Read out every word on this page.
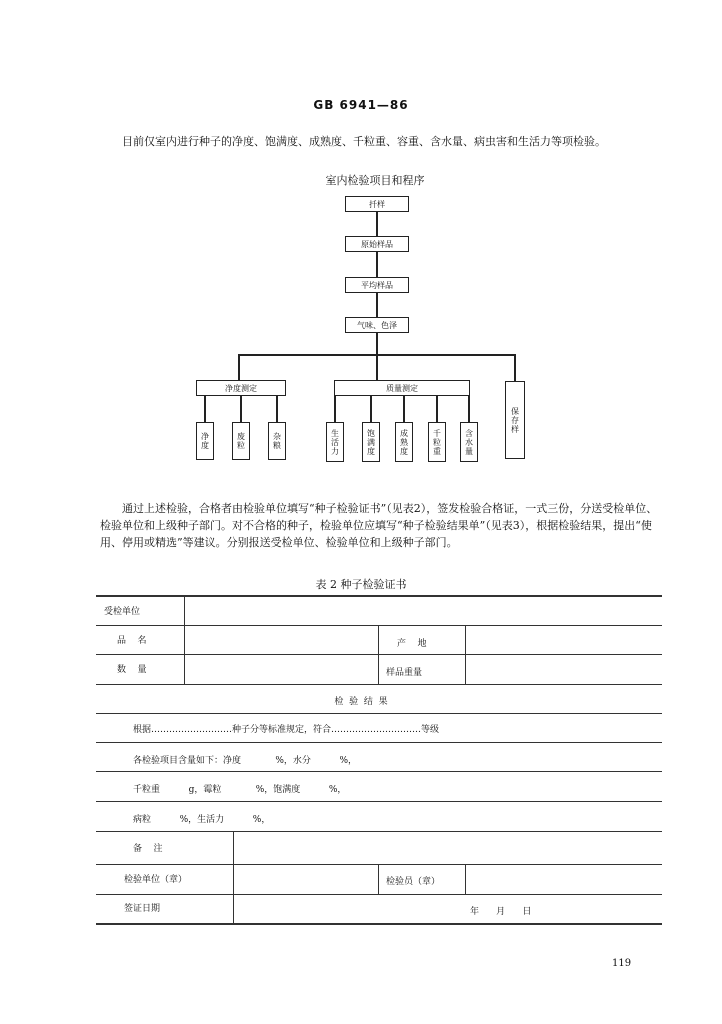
GB 6941—86
目前仅室内进行种子的净度、饱满度、成熟度、千粒重、容重、含水量、病虫害和生活力等项检验。
室内检验项目和程序
扦样
原始样品
平均样品
气味、色泽
净度测定	质量测定
保存样
净度	废粒	杂粮	生活力	饱满度	成熟度	千粒重	含水量
通过上述检验，合格者由检验单位填写“种子检验证书”（见表2），签发检验合格证，一式三份，分送受检单位、检验单位和上级种子部门。对不合格的种子，检验单位应填写“种子检验结果单”（见表3），根据检验结果，提出“使用、停用或精选”等建议。分别报送受检单位、检验单位和上级种子部门。
表 2 种子检验证书
受检单位
品    名	产    地
数    量	样品重量
检  验  结  果
根据………………………种子分等标准规定，符合…………………………等级
各检验项目含量如下：净度            %，水分          %，
千粒重          g，霉粒            %，饱满度          %，
病粒          %，生活力          %，
备    注
检验单位（章）	检验员（章）
签证日期	年      月      日
119
